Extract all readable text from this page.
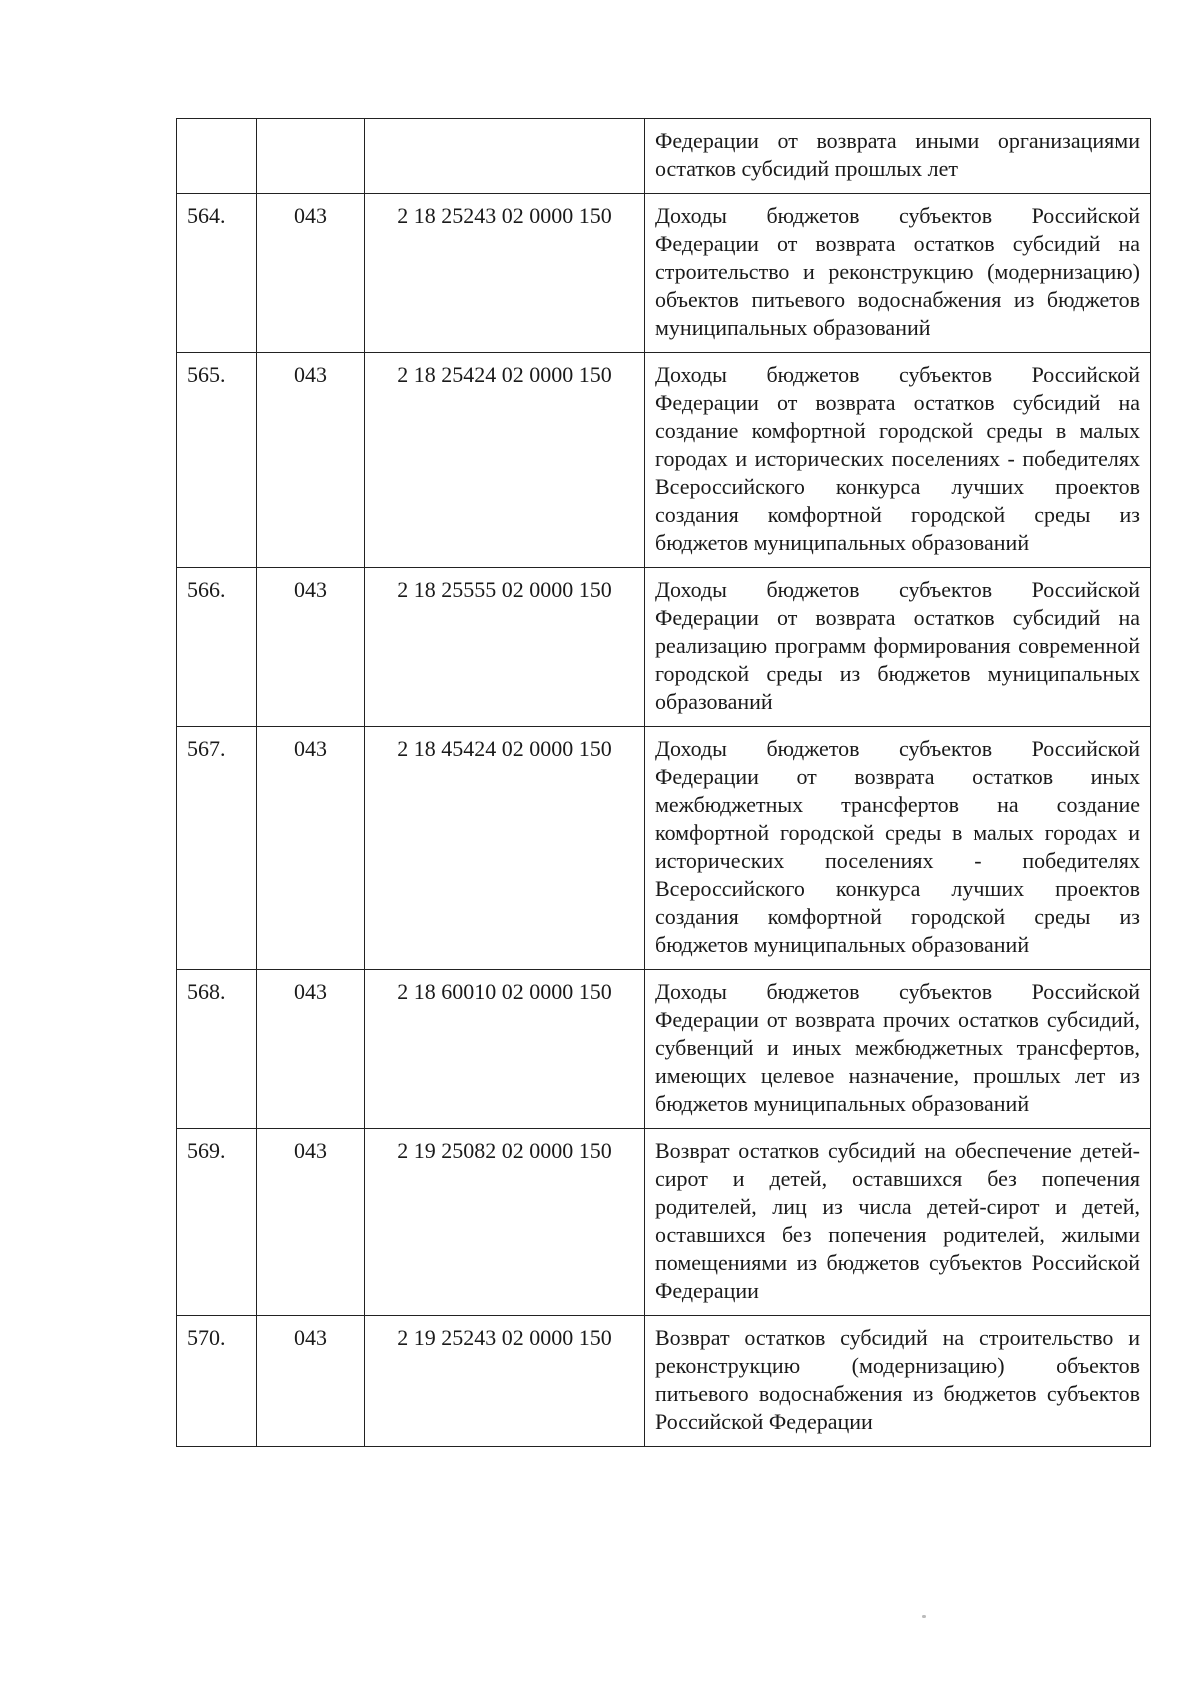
			Федерации от возврата иными организациями остатков субсидий прошлых лет

564.	043	2 18 25243 02 0000 150	Доходы бюджетов субъектов Российской Федерации от возврата остатков субсидий на строительство и реконструкцию (модернизацию) объектов питьевого водоснабжения из бюджетов муниципальных образований

565.	043	2 18 25424 02 0000 150	Доходы бюджетов субъектов Российской Федерации от возврата остатков субсидий на создание комфортной городской среды в малых городах и исторических поселениях - победителях Всероссийского конкурса лучших проектов создания комфортной городской среды из бюджетов муниципальных образований

566.	043	2 18 25555 02 0000 150	Доходы бюджетов субъектов Российской Федерации от возврата остатков субсидий на реализацию программ формирования современной городской среды из бюджетов муниципальных образований

567.	043	2 18 45424 02 0000 150	Доходы бюджетов субъектов Российской Федерации от возврата остатков иных межбюджетных трансфертов на создание комфортной городской среды в малых городах и исторических поселениях - победителях Всероссийского конкурса лучших проектов создания комфортной городской среды из бюджетов муниципальных образований

568.	043	2 18 60010 02 0000 150	Доходы бюджетов субъектов Российской Федерации от возврата прочих остатков субсидий, субвенций и иных межбюджетных трансфертов, имеющих целевое назначение, прошлых лет из бюджетов муниципальных образований

569.	043	2 19 25082 02 0000 150	Возврат остатков субсидий на обеспечение детей-сирот и детей, оставшихся без попечения родителей, лиц из числа детей-сирот и детей, оставшихся без попечения родителей, жилыми помещениями из бюджетов субъектов Российской Федерации

570.	043	2 19 25243 02 0000 150	Возврат остатков субсидий на строительство и реконструкцию (модернизацию) объектов питьевого водоснабжения из бюджетов субъектов Российской Федерации
